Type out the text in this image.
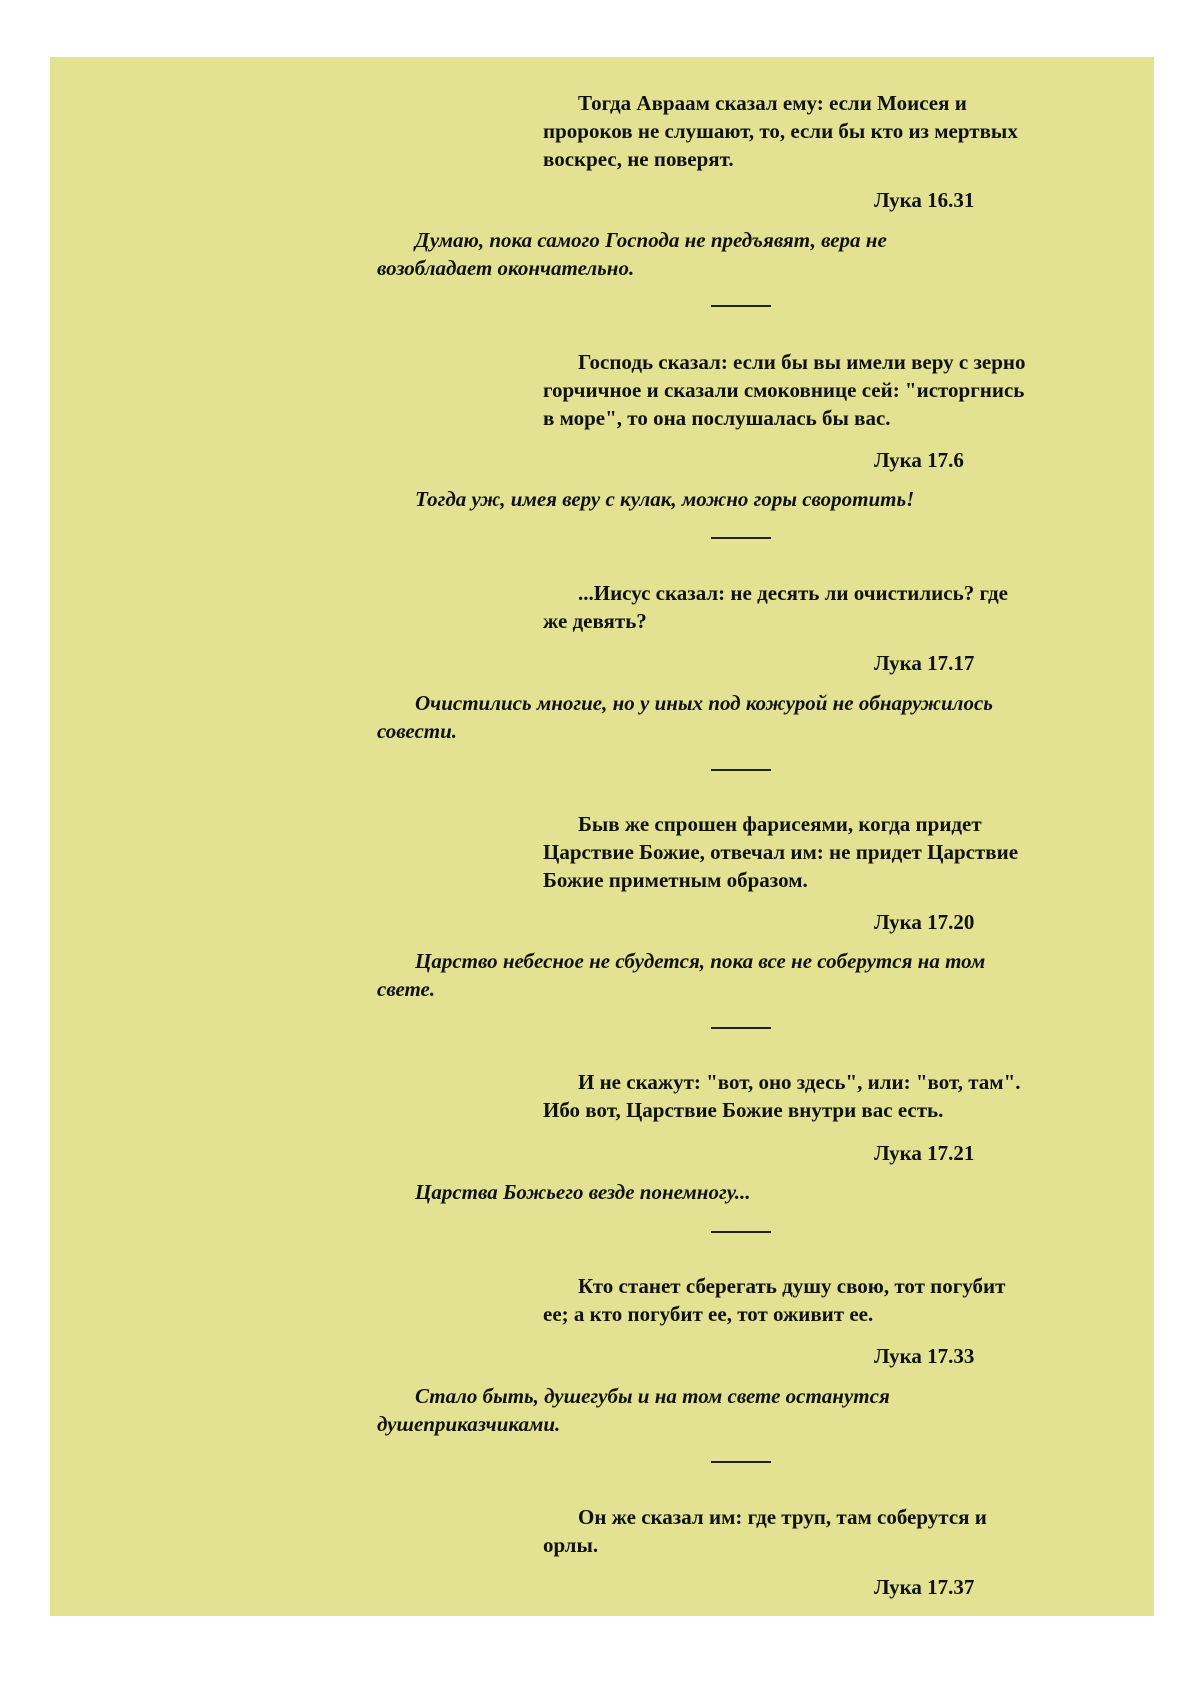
Тогда Авраам сказал ему: если Моисея и
пророков не слушают, то, если бы кто из мертвых
воскрес, не поверят.
Лука 16.31
Думаю, пока самого Господа не предъявят, вера не
возобладает окончательно.
Господь сказал: если бы вы имели веру с зерно
горчичное и сказали смоковнице сей: "исторгнись
в море", то она послушалась бы вас.
Лука 17.6
Тогда уж, имея веру с кулак, можно горы своротить!
...Иисус сказал: не десять ли очистились? где
же девять?
Лука 17.17
Очистились многие, но у иных под кожурой не обнаружилось
совести.
Быв же спрошен фарисеями, когда придет
Царствие Божие, отвечал им: не придет Царствие
Божие приметным образом.
Лука 17.20
Царство небесное не сбудется, пока все не соберутся на том
свете.
И не скажут: "вот, оно здесь", или: "вот, там".
Ибо вот, Царствие Божие внутри вас есть.
Лука 17.21
Царства Божьего везде понемногу...
Кто станет сберегать душу свою, тот погубит
ее; а кто погубит ее, тот оживит ее.
Лука 17.33
Стало быть, душегубы и на том свете останутся
душеприказчиками.
Он же сказал им: где труп, там соберутся и
орлы.
Лука 17.37
